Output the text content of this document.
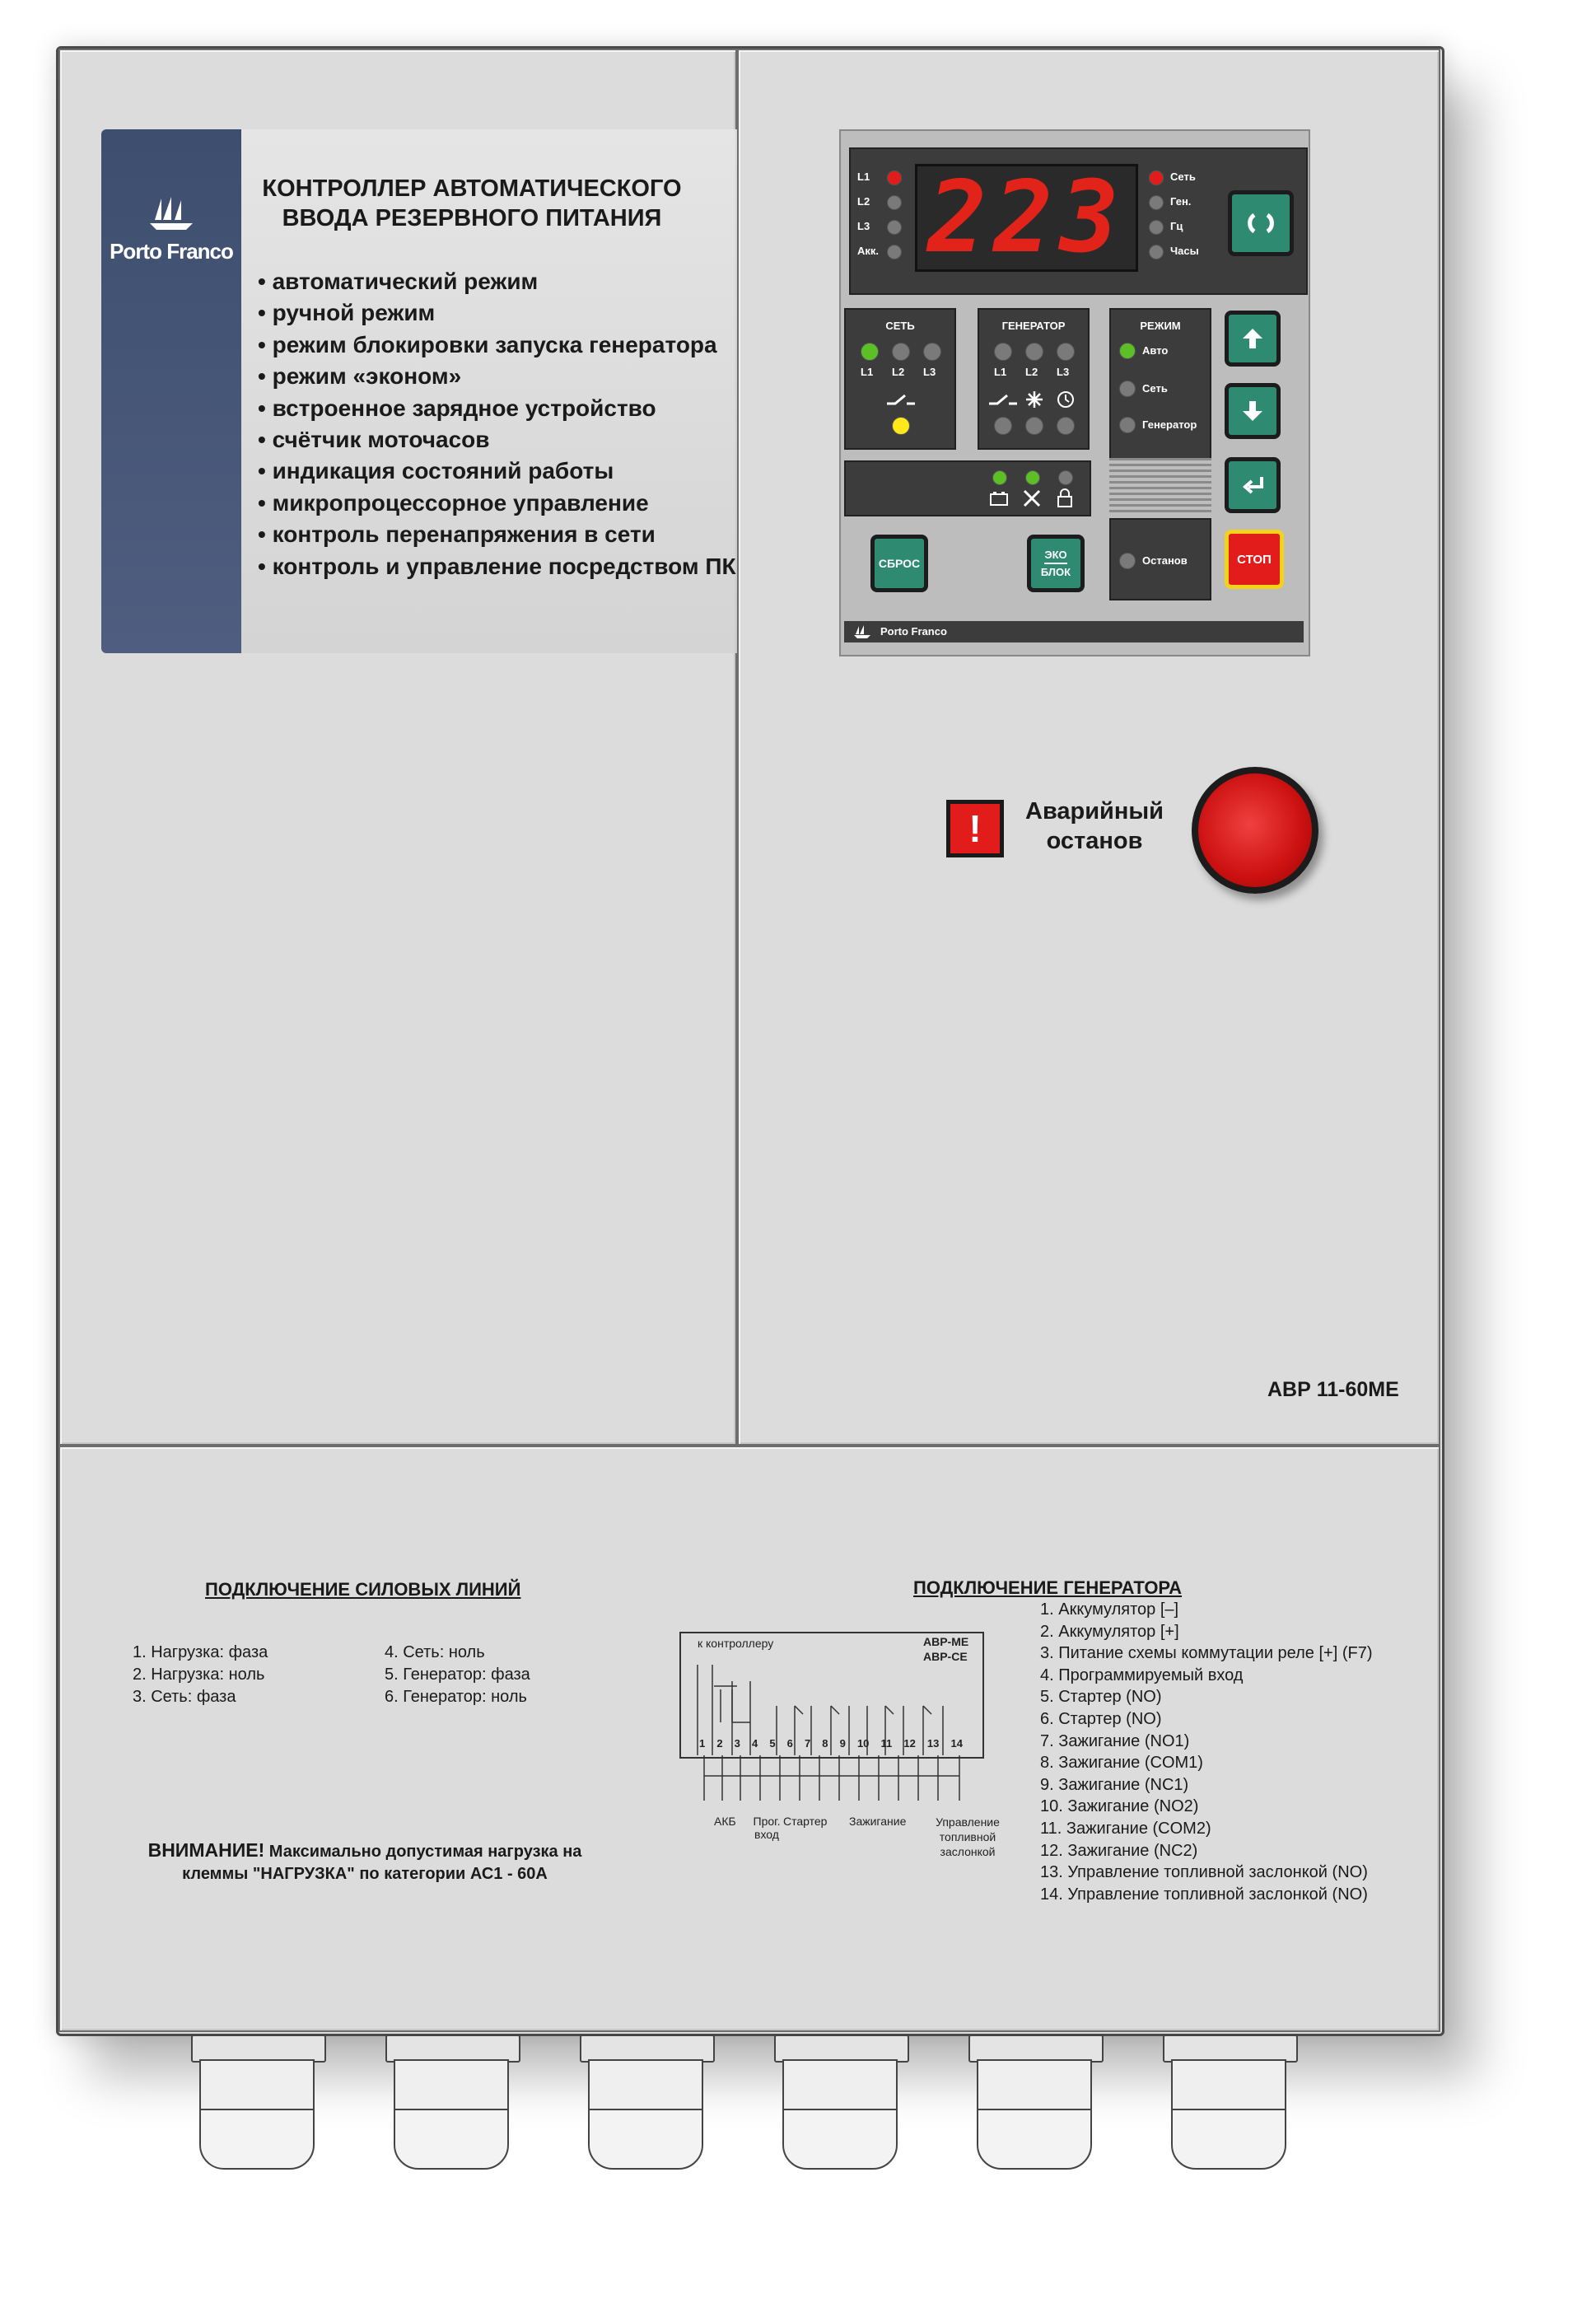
Porto Franco
КОНТРОЛЛЕР АВТОМАТИЧЕСКОГО
ВВОДА РЕЗЕРВНОГО ПИТАНИЯ
• автоматический режим
• ручной режим
• режим блокировки запуска генератора
• режим «эконом»
• встроенное зарядное устройство
• счётчик моточасов
• индикация состояний работы
• микропроцессорное управление
• контроль перенапряжения в сети
• контроль и управление посредством ПК
L1
L2
L3
Акк. 223	Сеть
Ген.
Гц
Часы
СЕТЬ
L1 L2 L3
ГЕНЕРАТОР
L1 L2 L3
РЕЖИМ
Авто
Сеть
Генератор
СБРОС
ЭКО
БЛОК
Останов	СТОП
Porto Franco
!	Аварийный
останов
АВР 11-60МЕ
ПОДКЛЮЧЕНИЕ СИЛОВЫХ ЛИНИЙ
1. Нагрузка: фаза
2. Нагрузка: ноль
3. Сеть: фаза
4. Сеть: ноль
5. Генератор: фаза
6. Генератор: ноль
ВНИМАНИЕ! Максимально допустимая нагрузка на
клеммы "НАГРУЗКА" по категории АС1 - 60А
ПОДКЛЮЧЕНИЕ ГЕНЕРАТОРА
к контроллеру	АВР-МЕ
АВР-СЕ
1 2 3 4 5 6 7 8 9 10 11 12 13 14
АКБ	Прог. вход
Стартер Зажигание	Управление топливной заслонкой
1. Аккумулятор [–]
2. Аккумулятор [+]
3. Питание схемы коммутации реле [+] (F7)
4. Программируемый вход
5. Стартер (NO)
6. Стартер (NO)
7. Зажигание (NO1)
8. Зажигание (COM1)
9. Зажигание (NC1)
10. Зажигание (NO2)
11. Зажигание (COM2)
12. Зажигание (NC2)
13. Управление топливной заслонкой (NO)
14. Управление топливной заслонкой (NO)
